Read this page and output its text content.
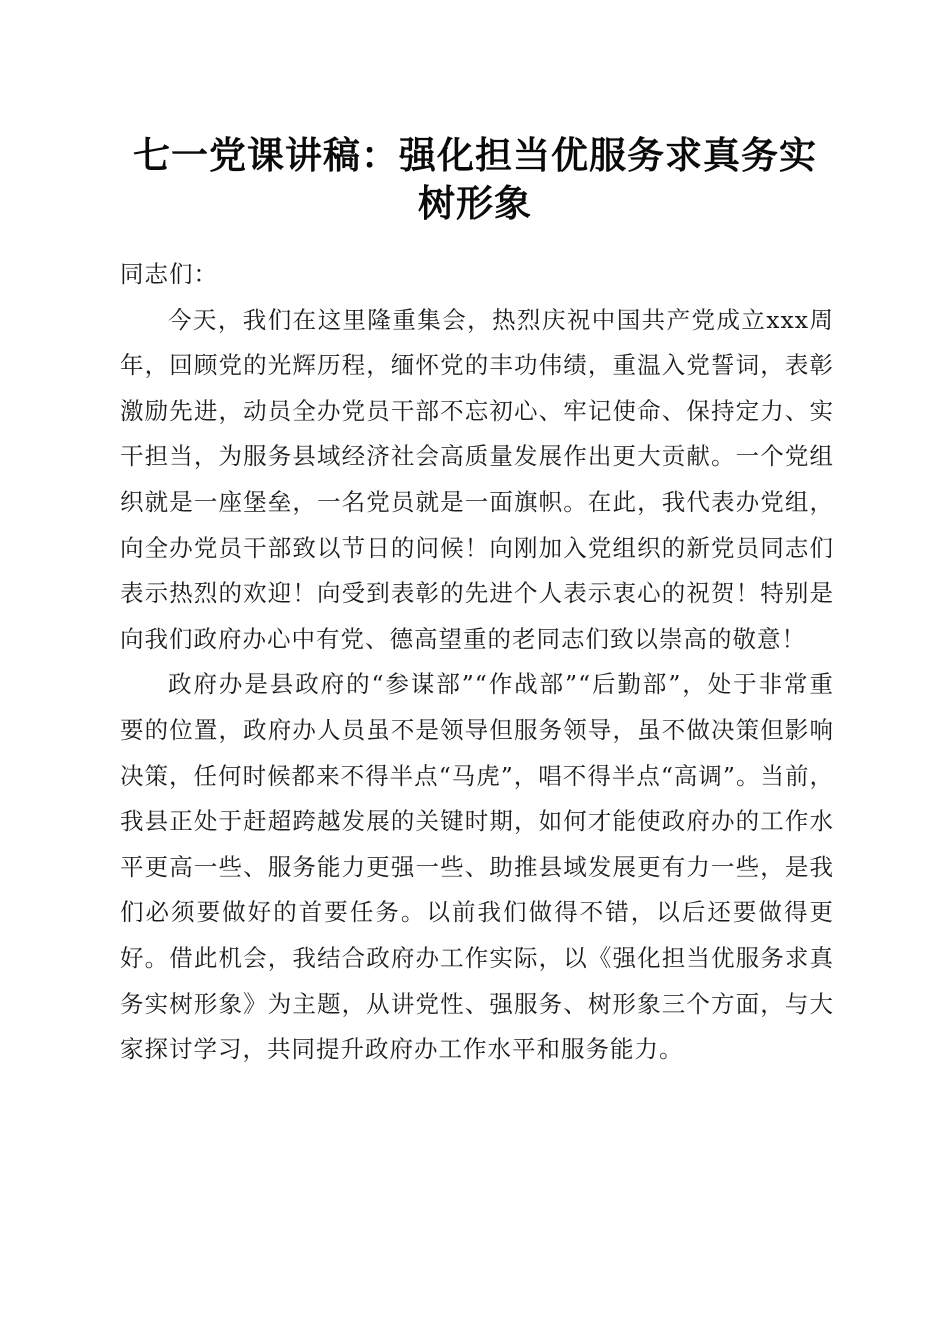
七一党课讲稿：强化担当优服务求真务实树形象

同志们：

今天，我们在这里隆重集会，热烈庆祝中国共产党成立xxx周年，回顾党的光辉历程，缅怀党的丰功伟绩，重温入党誓词，表彰激励先进，动员全办党员干部不忘初心、牢记使命、保持定力、实干担当，为服务县域经济社会高质量发展作出更大贡献。一个党组织就是一座堡垒，一名党员就是一面旗帜。在此，我代表办党组，向全办党员干部致以节日的问候！向刚加入党组织的新党员同志们表示热烈的欢迎！向受到表彰的先进个人表示衷心的祝贺！特别是向我们政府办心中有党、德高望重的老同志们致以崇高的敬意！

政府办是县政府的“参谋部”“作战部”“后勤部”，处于非常重要的位置，政府办人员虽不是领导但服务领导，虽不做决策但影响决策，任何时候都来不得半点“马虎”，唱不得半点“高调”。当前，我县正处于赶超跨越发展的关键时期，如何才能使政府办的工作水平更高一些、服务能力更强一些、助推县域发展更有力一些，是我们必须要做好的首要任务。以前我们做得不错，以后还要做得更好。借此机会，我结合政府办工作实际，以《强化担当优服务求真务实树形象》为主题，从讲党性、强服务、树形象三个方面，与大家探讨学习，共同提升政府办工作水平和服务能力。
